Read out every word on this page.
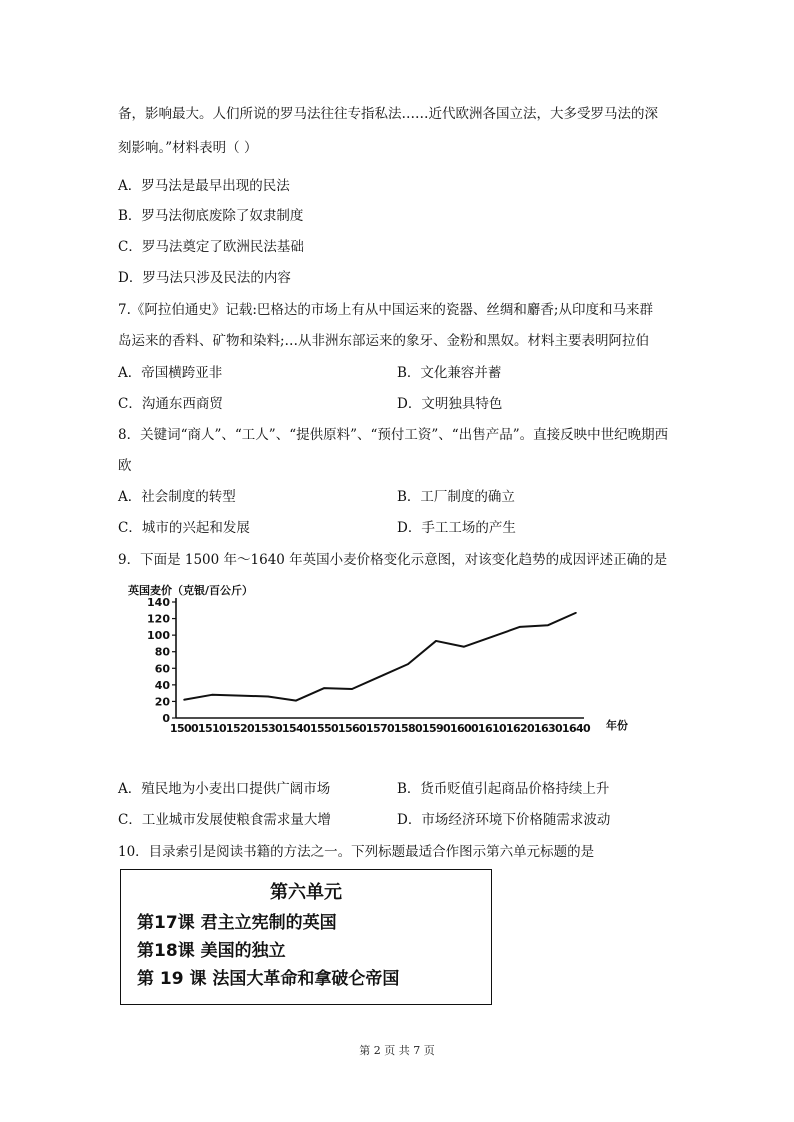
备，影响最大。人们所说的罗马法往往专指私法……近代欧洲各国立法，大多受罗马法的深
刻影响。”材料表明（ ）
A．罗马法是最早出现的民法
B．罗马法彻底废除了奴隶制度
C．罗马法奠定了欧洲民法基础
D．罗马法只涉及民法的内容
7.《阿拉伯通史》记载:巴格达的市场上有从中国运来的瓷器、丝绸和麝香;从印度和马来群
岛运来的香料、矿物和染料;…从非洲东部运来的象牙、金粉和黑奴。材料主要表明阿拉伯
A．帝国横跨亚非	B．文化兼容并蓄
C．沟通东西商贸	D．文明独具特色
8．关键词“商人”、“工人”、“提供原料”、“预付工资”、“出售产品”。直接反映中世纪晚期西
欧
A．社会制度的转型	B．工厂制度的确立
C．城市的兴起和发展	D．手工工场的产生
9．下面是 1500 年～1640 年英国小麦价格变化示意图，对该变化趋势的成因评述正确的是
英国麦价（克银/百公斤）
年份
0
20
40
60
80
100
120
140
1500 1510 1520 1530 1540 1550 1560 1570 1580 1590 1600 1610 1620 1630 1640
A．殖民地为小麦出口提供广阔市场	B．货币贬值引起商品价格持续上升
C．工业城市发展使粮食需求量大增	D．市场经济环境下价格随需求波动
10．目录索引是阅读书籍的方法之一。下列标题最适合作图示第六单元标题的是
第六单元
第17课 君主立宪制的英国
第18课 美国的独立
第 19 课 法国大革命和拿破仑帝国
第 2 页 共 7 页
